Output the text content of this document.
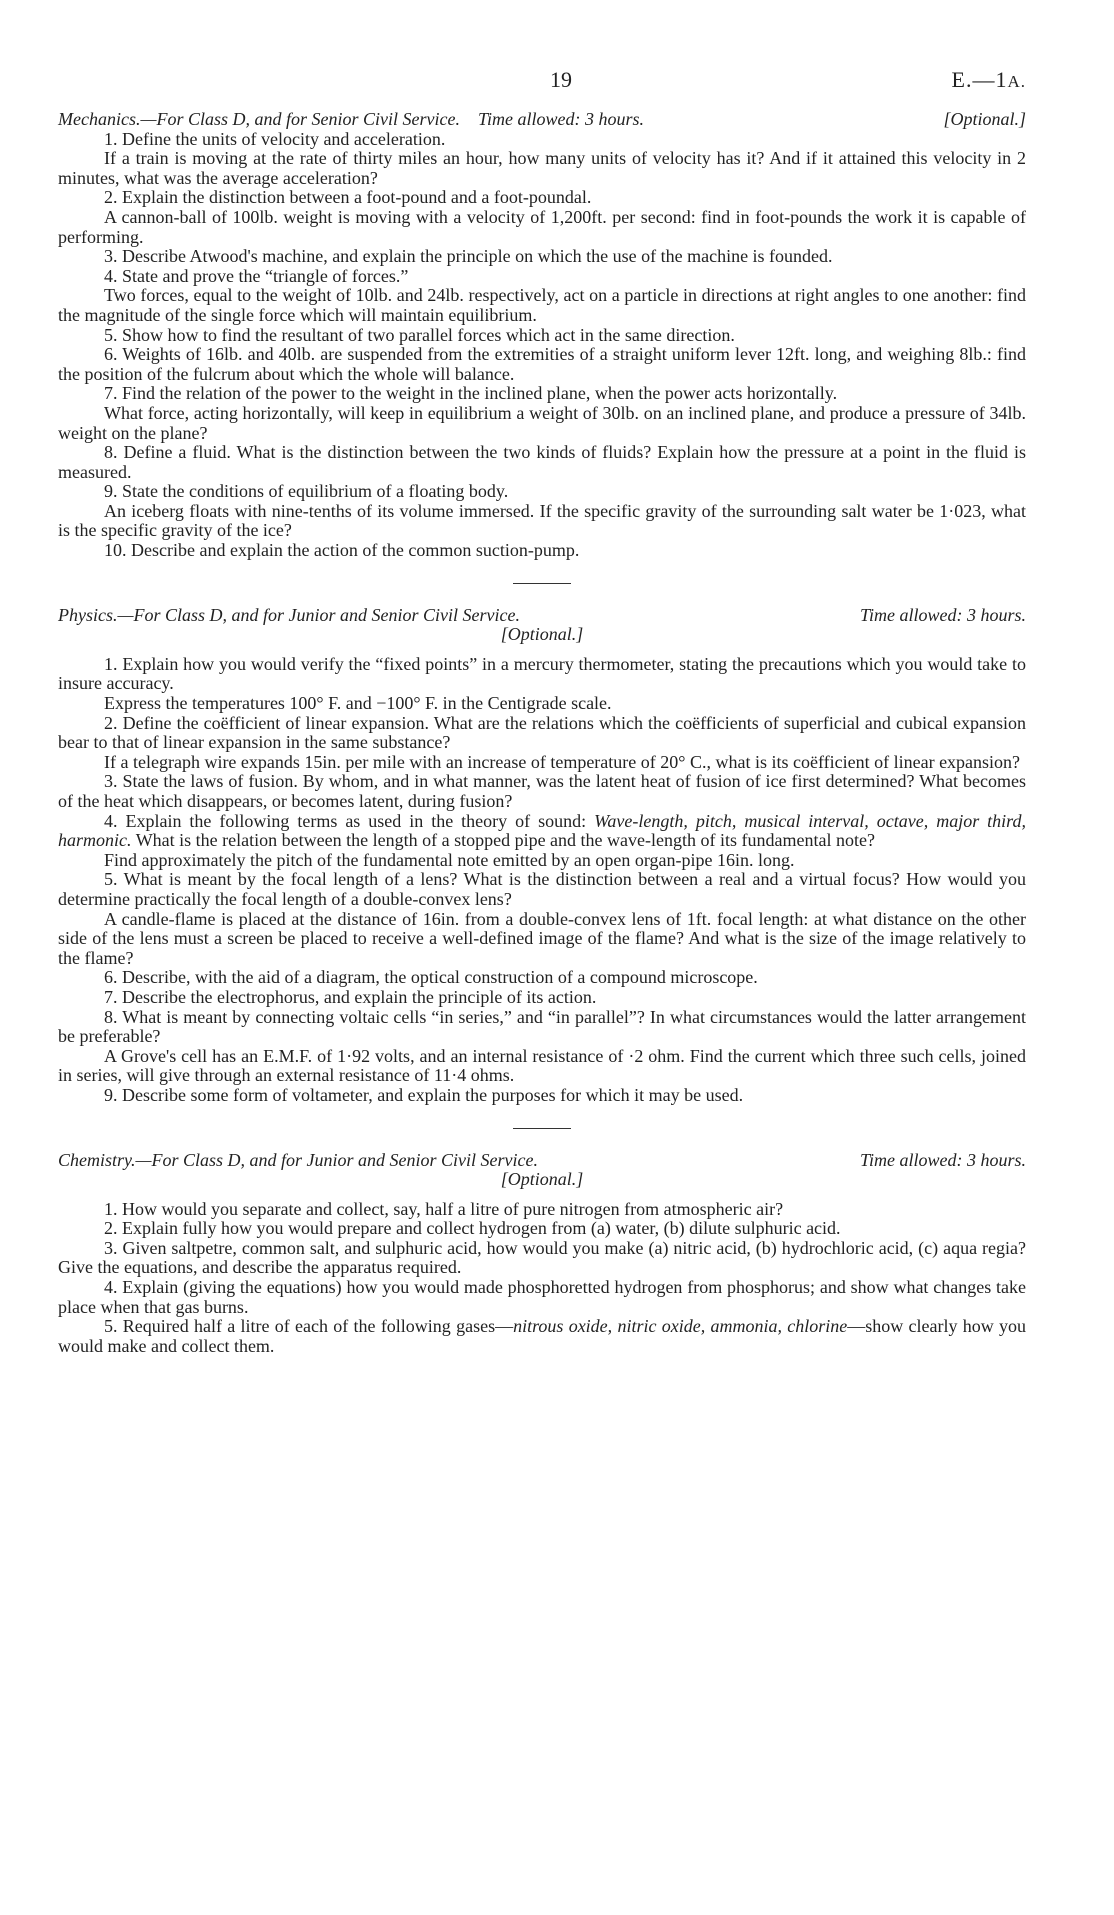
19	E.—1A.

Mechanics.—For Class D, and for Senior Civil Service. Time allowed: 3 hours.	[Optional.]

1. Define the units of velocity and acceleration.

If a train is moving at the rate of thirty miles an hour, how many units of velocity has it? And if it attained this velocity in 2 minutes, what was the average acceleration?

2. Explain the distinction between a foot-pound and a foot-poundal.

A cannon-ball of 100lb. weight is moving with a velocity of 1,200ft. per second: find in foot-pounds the work it is capable of performing.

3. Describe Atwood's machine, and explain the principle on which the use of the machine is founded.

4. State and prove the “triangle of forces.”

Two forces, equal to the weight of 10lb. and 24lb. respectively, act on a particle in directions at right angles to one another: find the magnitude of the single force which will maintain equilibrium.

5. Show how to find the resultant of two parallel forces which act in the same direction.

6. Weights of 16lb. and 40lb. are suspended from the extremities of a straight uniform lever 12ft. long, and weighing 8lb.: find the position of the fulcrum about which the whole will balance.

7. Find the relation of the power to the weight in the inclined plane, when the power acts horizontally.

What force, acting horizontally, will keep in equilibrium a weight of 30lb. on an inclined plane, and produce a pressure of 34lb. weight on the plane?

8. Define a fluid. What is the distinction between the two kinds of fluids? Explain how the pressure at a point in the fluid is measured.

9. State the conditions of equilibrium of a floating body.

An iceberg floats with nine-tenths of its volume immersed. If the specific gravity of the surrounding salt water be 1·023, what is the specific gravity of the ice?

10. Describe and explain the action of the common suction-pump.

Physics.—For Class D, and for Junior and Senior Civil Service.	Time allowed: 3 hours.
[Optional.]

1. Explain how you would verify the “fixed points” in a mercury thermometer, stating the precautions which you would take to insure accuracy.

Express the temperatures 100° F. and −100° F. in the Centigrade scale.

2. Define the coëfficient of linear expansion. What are the relations which the coëfficients of superficial and cubical expansion bear to that of linear expansion in the same substance?

If a telegraph wire expands 15in. per mile with an increase of temperature of 20° C., what is its coëfficient of linear expansion?

3. State the laws of fusion. By whom, and in what manner, was the latent heat of fusion of ice first determined? What becomes of the heat which disappears, or becomes latent, during fusion?

4. Explain the following terms as used in the theory of sound: Wave-length, pitch, musical interval, octave, major third, harmonic. What is the relation between the length of a stopped pipe and the wave-length of its fundamental note?

Find approximately the pitch of the fundamental note emitted by an open organ-pipe 16in. long.

5. What is meant by the focal length of a lens? What is the distinction between a real and a virtual focus? How would you determine practically the focal length of a double-convex lens?

A candle-flame is placed at the distance of 16in. from a double-convex lens of 1ft. focal length: at what distance on the other side of the lens must a screen be placed to receive a well-defined image of the flame? And what is the size of the image relatively to the flame?

6. Describe, with the aid of a diagram, the optical construction of a compound microscope.

7. Describe the electrophorus, and explain the principle of its action.

8. What is meant by connecting voltaic cells “in series,” and “in parallel”? In what circumstances would the latter arrangement be preferable?

A Grove's cell has an E.M.F. of 1·92 volts, and an internal resistance of ·2 ohm. Find the current which three such cells, joined in series, will give through an external resistance of 11·4 ohms.

9. Describe some form of voltameter, and explain the purposes for which it may be used.

Chemistry.—For Class D, and for Junior and Senior Civil Service.	Time allowed: 3 hours.
[Optional.]

1. How would you separate and collect, say, half a litre of pure nitrogen from atmospheric air?

2. Explain fully how you would prepare and collect hydrogen from (a) water, (b) dilute sulphuric acid.

3. Given saltpetre, common salt, and sulphuric acid, how would you make (a) nitric acid, (b) hydrochloric acid, (c) aqua regia? Give the equations, and describe the apparatus required.

4. Explain (giving the equations) how you would made phosphoretted hydrogen from phosphorus; and show what changes take place when that gas burns.

5. Required half a litre of each of the following gases—nitrous oxide, nitric oxide, ammonia, chlorine—show clearly how you would make and collect them.
